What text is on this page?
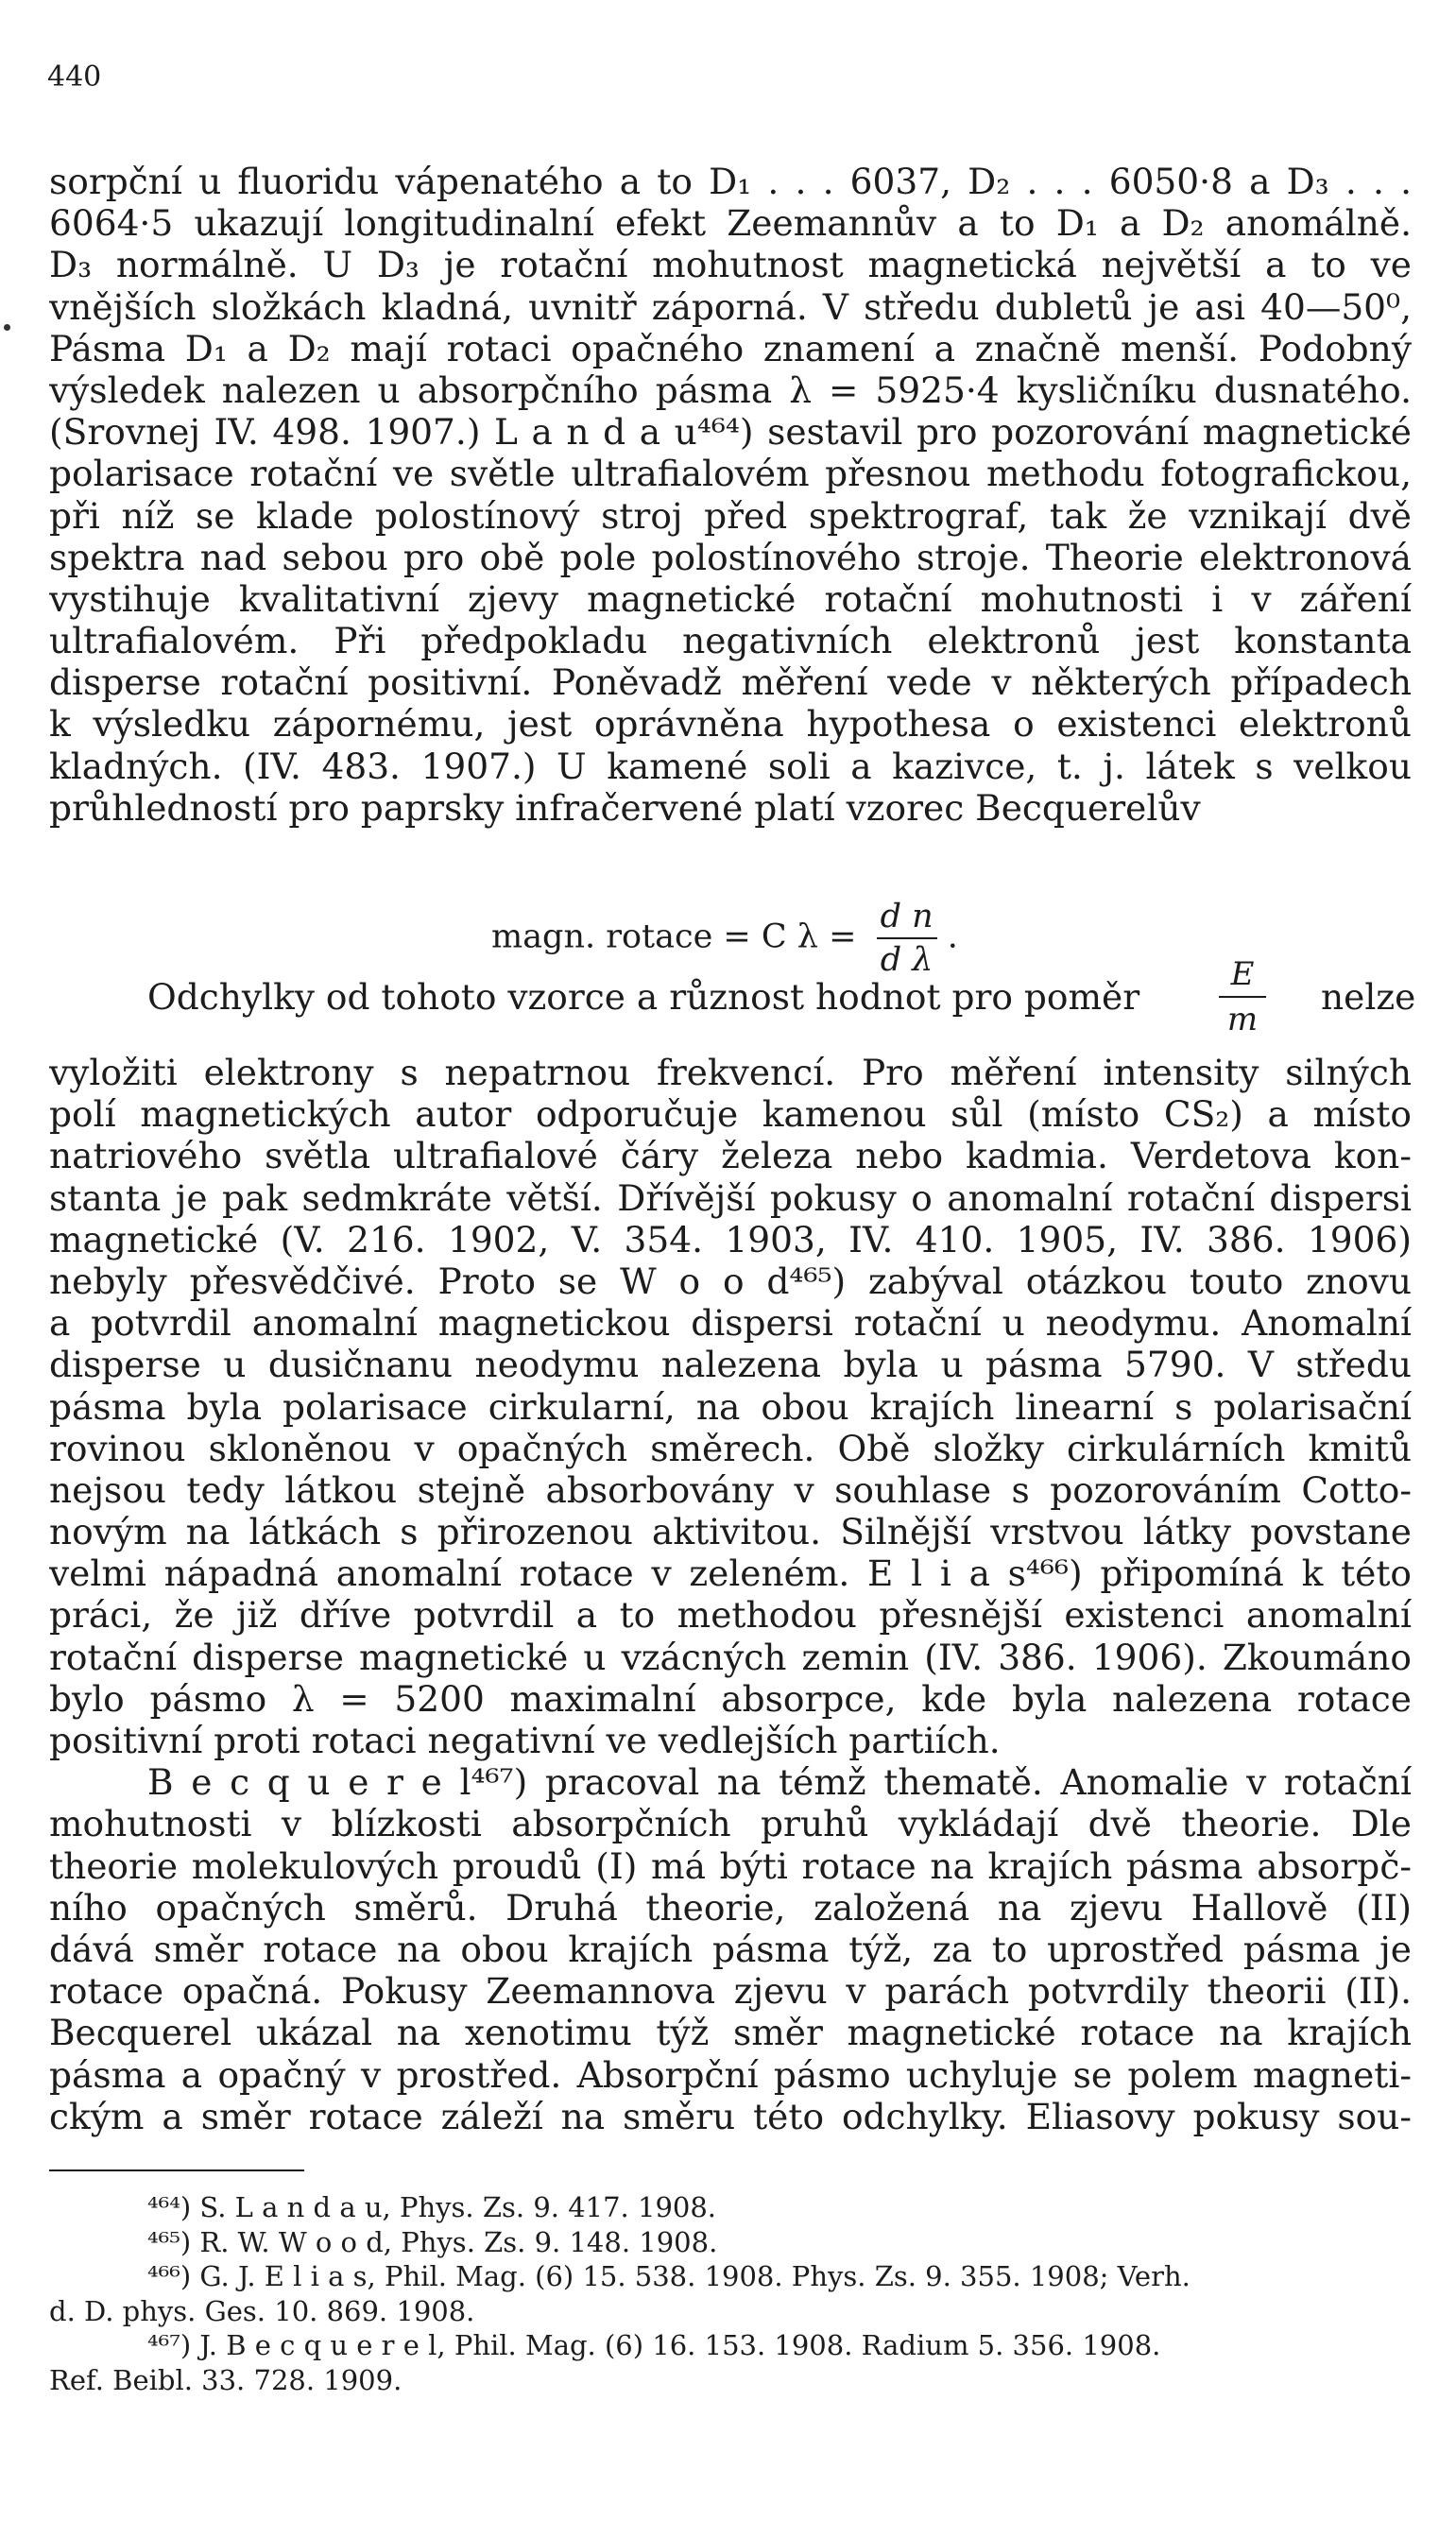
440
sorpční u fluoridu vápenatého a to D₁ . . . 6037, D₂ . . . 6050·8 a D₃ . . .
6064·5 ukazují longitudinalní efekt Zeemannův a to D₁ a D₂ anomálně.
D₃ normálně. U D₃ je rotační mohutnost magnetická největší a to ve
vnějších složkách kladná, uvnitř záporná. V středu dubletů je asi 40—50⁰,
Pásma D₁ a D₂ mají rotaci opačného znamení a značně menší. Podobný
výsledek nalezen u absorpčního pásma λ = 5925·4 kysličníku dusnatého.
(Srovnej IV. 498. 1907.) L a n d a u⁴⁶⁴) sestavil pro pozorování magnetické
polarisace rotační ve světle ultrafialovém přesnou methodu fotografickou,
při níž se klade polostínový stroj před spektrograf, tak že vznikají dvě
spektra nad sebou pro obě pole polostínového stroje. Theorie elektronová
vystihuje kvalitativní zjevy magnetické rotační mohutnosti i v záření
ultrafialovém. Při předpokladu negativních elektronů jest konstanta
disperse rotační positivní. Poněvadž měření vede v některých případech
k výsledku zápornému, jest oprávněna hypothesa o existenci elektronů
kladných. (IV. 483. 1907.) U kamené soli a kazivce, t. j. látek s velkou
průhledností pro paprsky infračervené platí vzorec Becquerelův
magn. rotace = C $\lambda = \frac{\text{d n}}{\text{d λ}}$ .
Odchylky od tohoto vzorce a různost hodnot pro poměr
E
m
nelze
vyložiti elektrony s nepatrnou frekvencí. Pro měření intensity silných
polí magnetických autor odporučuje kamenou sůl (místo CS₂) a místo
natriového světla ultrafialové čáry železa nebo kadmia. Verdetova kon-
stanta je pak sedmkráte větší. Dřívější pokusy o anomalní rotační dispersi
magnetické (V. 216. 1902, V. 354. 1903, IV. 410. 1905, IV. 386. 1906)
nebyly přesvědčivé. Proto se W o o d⁴⁶⁵) zabýval otázkou touto znovu
a potvrdil anomalní magnetickou dispersi rotační u neodymu. Anomalní
disperse u dusičnanu neodymu nalezena byla u pásma 5790. V středu
pásma byla polarisace cirkularní, na obou krajích linearní s polarisační
rovinou skloněnou v opačných směrech. Obě složky cirkulárních kmitů
nejsou tedy látkou stejně absorbovány v souhlase s pozorováním Cotto-
novým na látkách s přirozenou aktivitou. Silnější vrstvou látky povstane
velmi nápadná anomalní rotace v zeleném. E l i a s⁴⁶⁶) připomíná k této
práci, že již dříve potvrdil a to methodou přesnější existenci anomalní
rotační disperse magnetické u vzácných zemin (IV. 386. 1906). Zkoumáno
bylo pásmo λ = 5200 maximalní absorpce, kde byla nalezena rotace
positivní proti rotaci negativní ve vedlejších partiích.
B e c q u e r e l⁴⁶⁷) pracoval na témž thematě. Anomalie v rotační
mohutnosti v blízkosti absorpčních pruhů vykládají dvě theorie. Dle
theorie molekulových proudů (I) má býti rotace na krajích pásma absorpč-
ního opačných směrů. Druhá theorie, založená na zjevu Hallově (II)
dává směr rotace na obou krajích pásma týž, za to uprostřed pásma je
rotace opačná. Pokusy Zeemannova zjevu v parách potvrdily theorii (II).
Becquerel ukázal na xenotimu týž směr magnetické rotace na krajích
pásma a opačný v prostřed. Absorpční pásmo uchyluje se polem magneti-
ckým a směr rotace záleží na směru této odchylky. Eliasovy pokusy sou-
⁴⁶⁴) S. L a n d a u, Phys. Zs. 9. 417. 1908.
⁴⁶⁵) R. W. W o o d, Phys. Zs. 9. 148. 1908.
⁴⁶⁶) G. J. E l i a s, Phil. Mag. (6) 15. 538. 1908. Phys. Zs. 9. 355. 1908; Verh.
d. D. phys. Ges. 10. 869. 1908.
⁴⁶⁷) J. B e c q u e r e l, Phil. Mag. (6) 16. 153. 1908. Radium 5. 356. 1908.
Ref. Beibl. 33. 728. 1909.
